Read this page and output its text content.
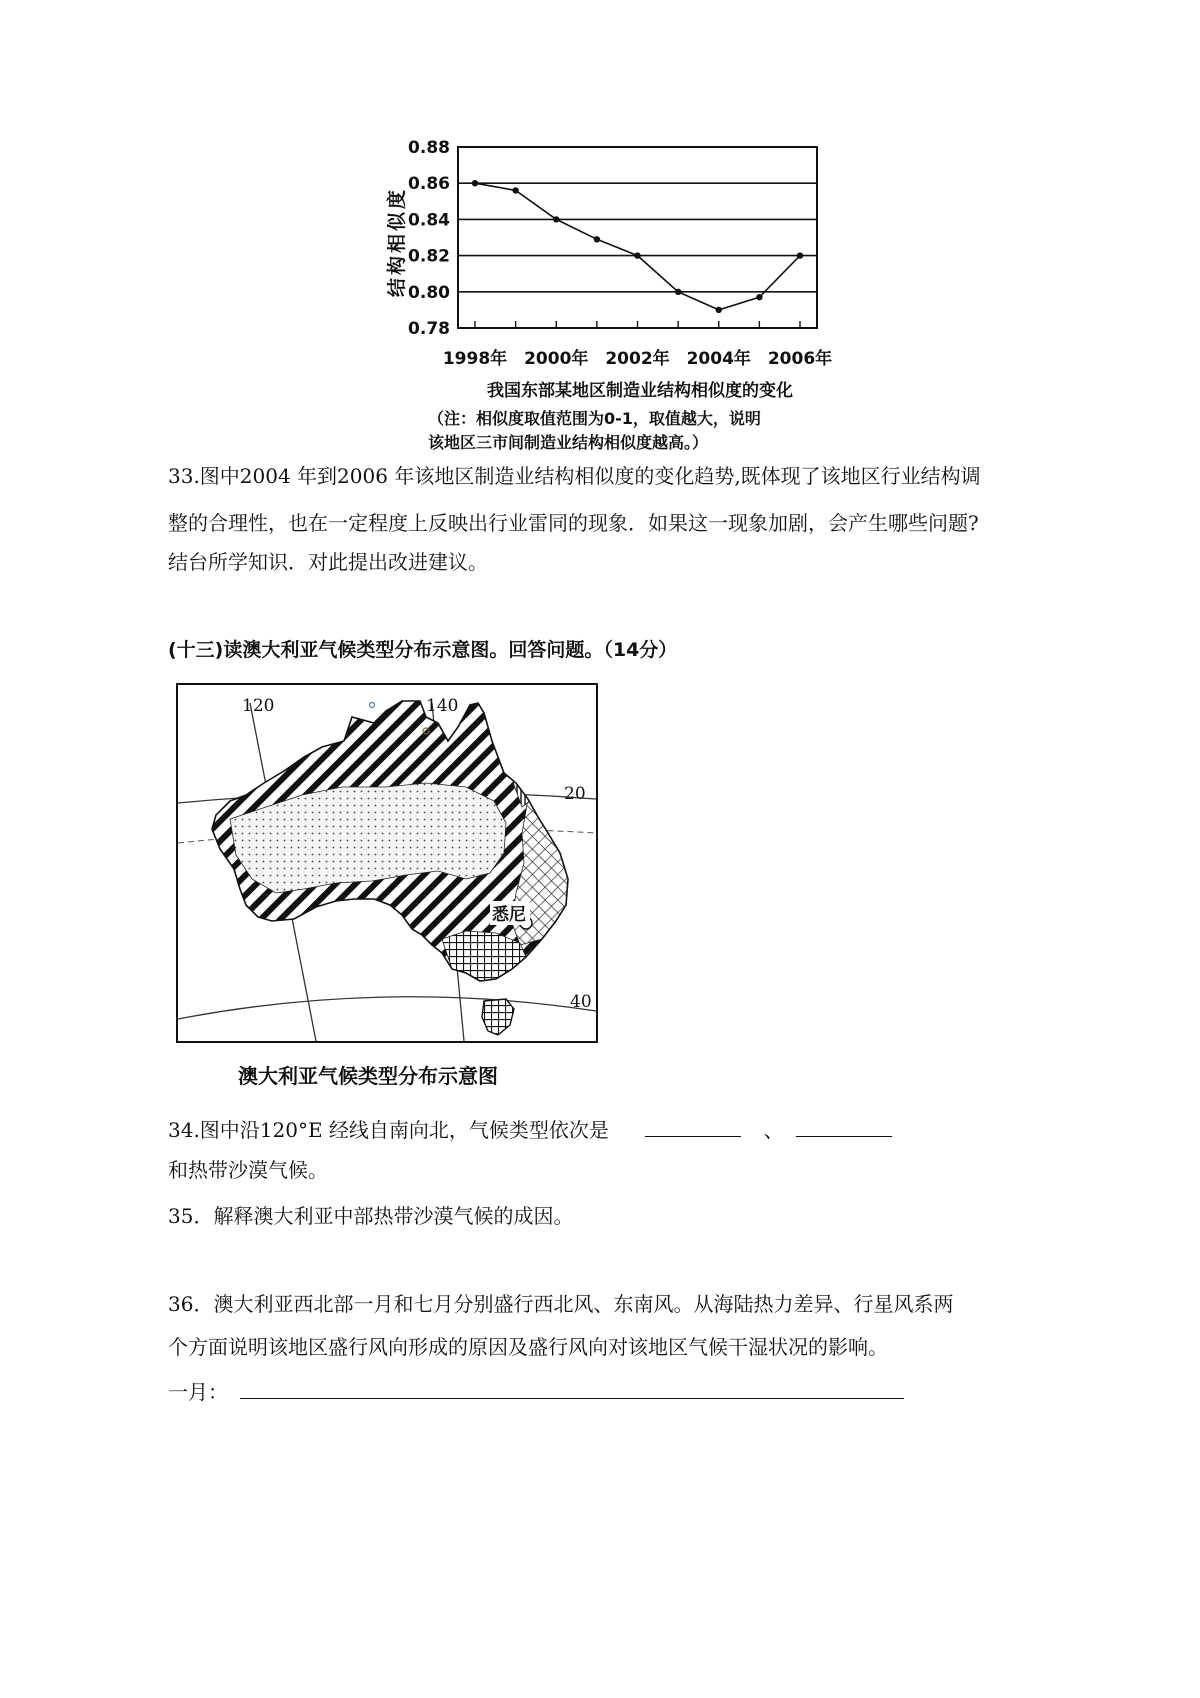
0.78
0.80
0.82
0.84
0.86
0.88
1998年 2000年 2002年 2004年 2006年
结构相似度
我国东部某地区制造业结构相似度的变化
（注：相似度取值范围为0-1，取值越大，说明
该地区三市间制造业结构相似度越高。）
33.图中2004 年到2006 年该地区制造业结构相似度的变化趋势,既体现了该地区行业结构调
整的合理性，也在一定程度上反映出行业雷同的现象．如果这一现象加剧，会产生哪些问题?
结台所学知识．对此提出改进建议。
(十三)读澳大利亚气候类型分布示意图。回答问题。（14分）
120	140
20
40
悉尼
澳大利亚气候类型分布示意图
34.图中沿120°E 经线自南向北，气候类型依次是	、
和热带沙漠气候。
35．解释澳大利亚中部热带沙漠气候的成因。
36．澳大利亚西北部一月和七月分别盛行西北风、东南风。从海陆热力差异、行星风系两
个方面说明该地区盛行风向形成的原因及盛行风向对该地区气候干湿状况的影响。
一月：
